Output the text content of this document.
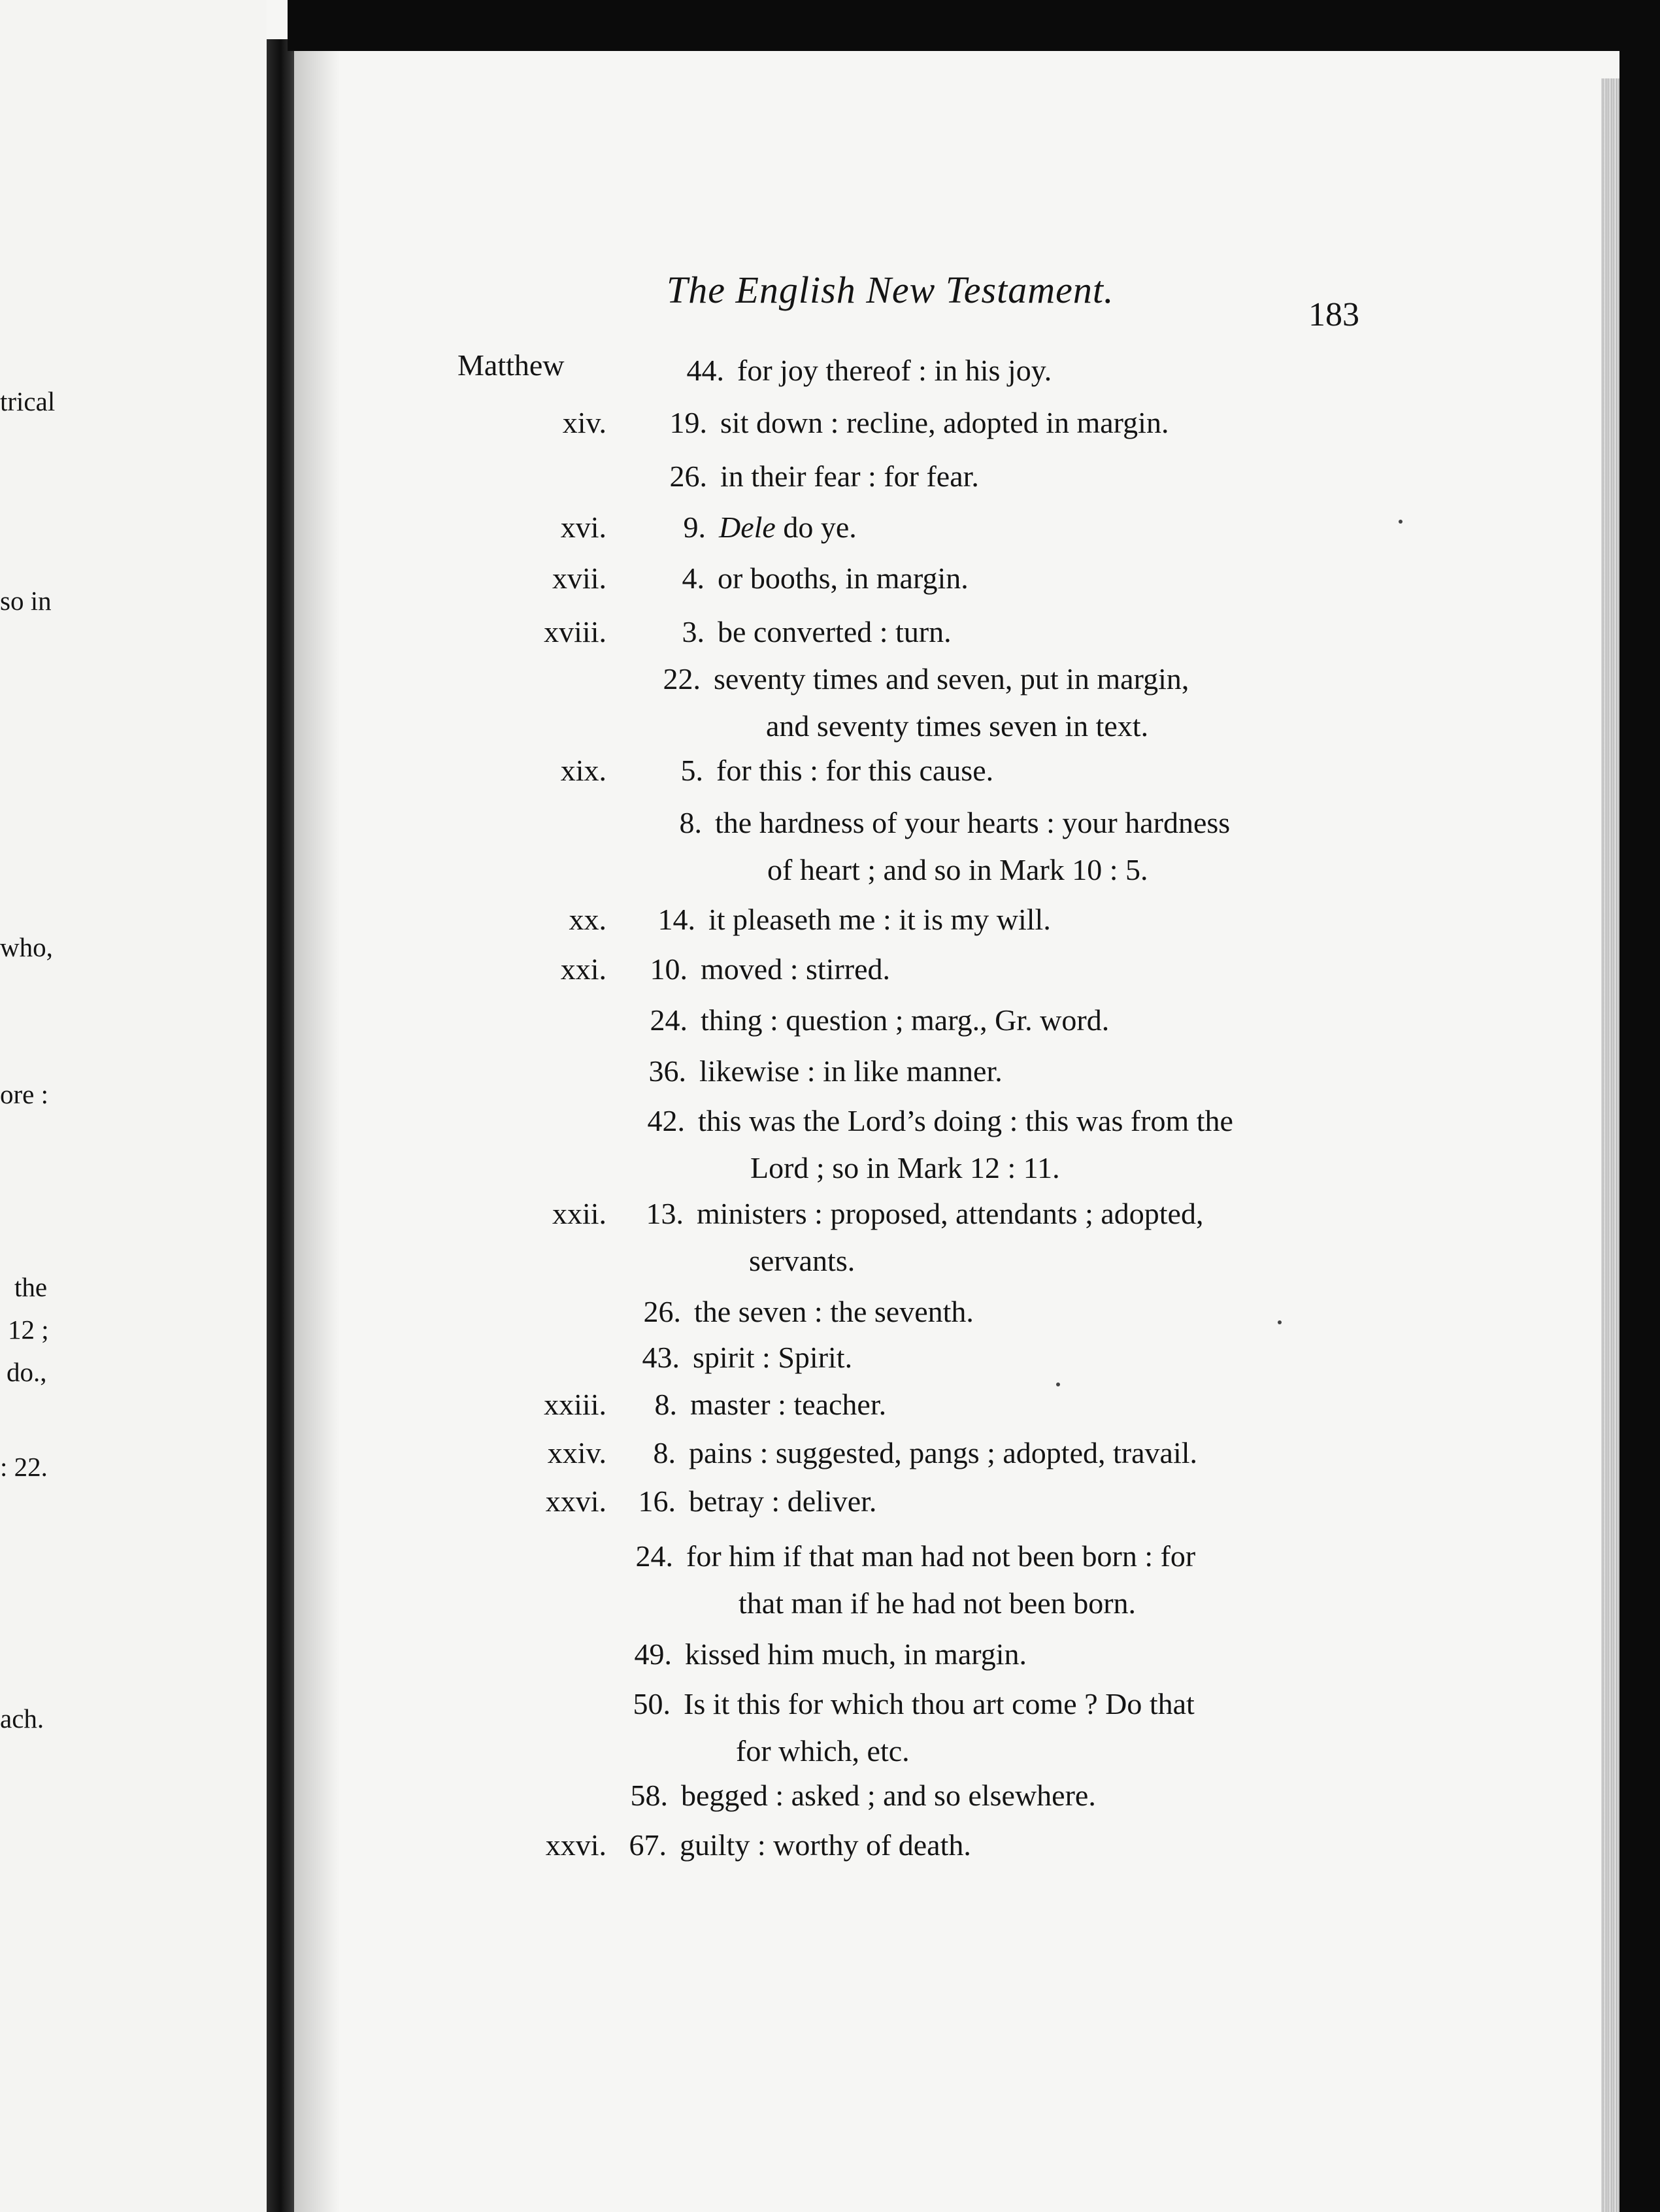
trical
so in
who,
ore :
the
12 ;
do.,
: 22.
ach.
The English New Testament.
183
Matthew	44. for joy thereof : in his joy.
xiv.	19. sit down : recline, adopted in margin.
26. in their fear : for fear.
xvi.	9. Dele do ye.
xvii.	4. or booths, in margin.
xviii.	3. be converted : turn.
22. seventy times and seven, put in margin,
and seventy times seven in text.
xix.	5. for this : for this cause.
8. the hardness of your hearts : your hardness
of heart ; and so in Mark 10 : 5.
xx.	14. it pleaseth me : it is my will.
xxi.	10. moved : stirred.
24. thing : question ; marg., Gr. word.
36. likewise : in like manner.
42. this was the Lord’s doing : this was from the
Lord ; so in Mark 12 : 11.
xxii.	13. ministers : proposed, attendants ; adopted,
servants.
26. the seven : the seventh.
43. spirit : Spirit.
xxiii.	8. master : teacher.
xxiv.	8. pains : suggested, pangs ; adopted, travail.
xxvi.	16. betray : deliver.
24. for him if that man had not been born : for
that man if he had not been born.
49. kissed him much, in margin.
50. Is it this for which thou art come ? Do that
for which, etc.
58. begged : asked ; and so elsewhere.
xxvi. 67. guilty : worthy of death.
